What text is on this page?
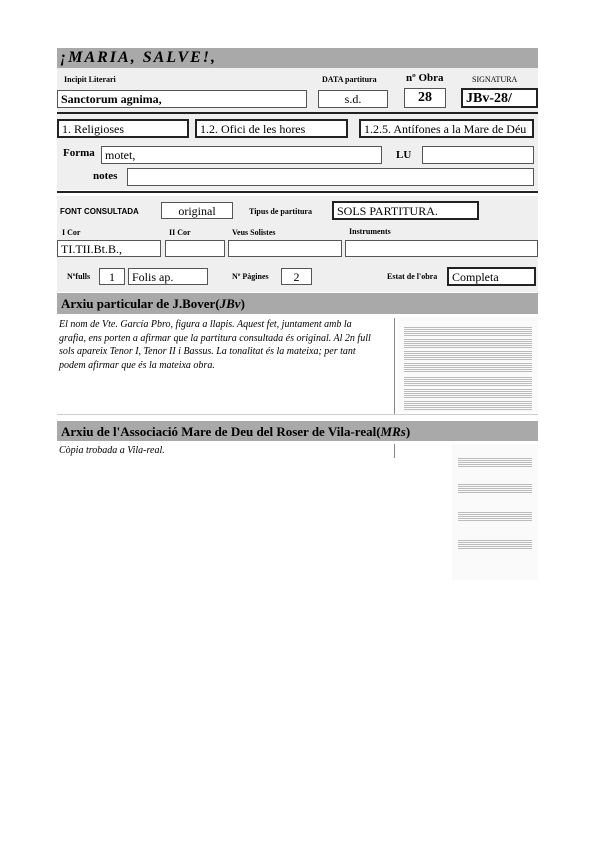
¡MARIA, SALVE!,
Incipit Literari	DATA partitura	nº Obra	SIGNATURA
Sanctorum agnima,	s.d.	28	JBv-28/
1. Religioses	1.2. Ofici de les hores	1.2.5. Antífones a la Mare de Déu
Forma motet,	LU
notes
FONT CONSULTADA	original	Tipus de partitura	SOLS PARTITURA.
I Cor	II Cor	Veus Solistes	Instruments
TI.TII.Bt.B.,
Nºfulls	1	Folis ap.	Nº Pàgines	2	Estat de l'obra	Completa
Arxiu particular de J.Bover(JBv)
El nom de Vte. García Pbro, figura a llapis. Aquest fet, juntament amb la grafia, ens porten a afirmar que la partitura consultada és original. Al 2n full sols apareix Tenor I, Tenor II i Bassus. La tonalitat és la mateixa; per tant podem afirmar que és la mateixa obra.
Arxiu de l'Associació Mare de Deu del Roser de Vila-real(MRs)
Còpia trobada a Vila-real.
